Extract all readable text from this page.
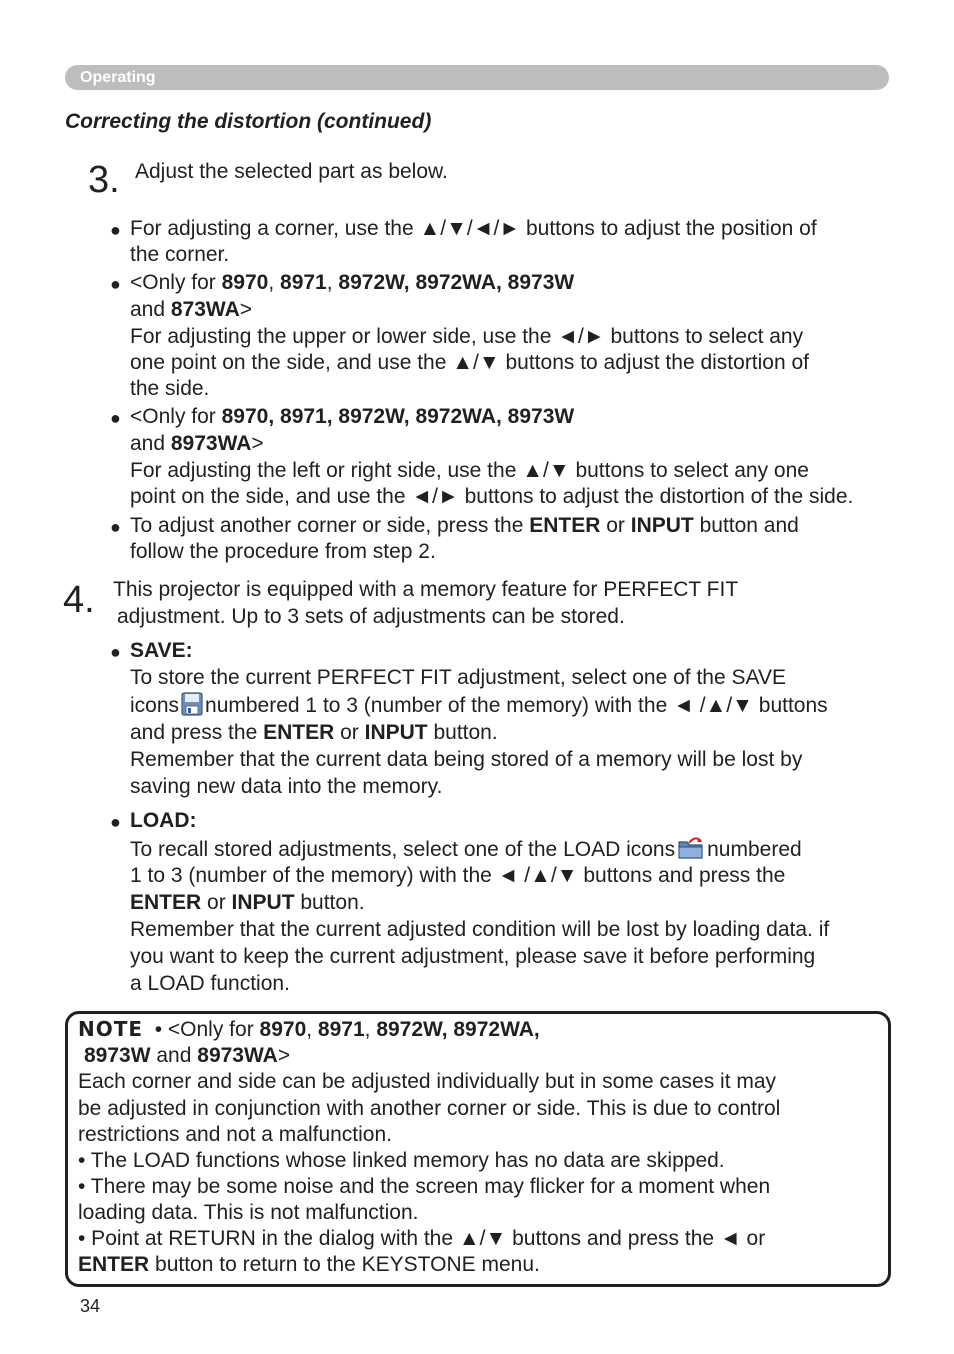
Operating
Correcting the distortion (continued)
3. Adjust the selected part as below.
● For adjusting a corner, use the ▲/▼/◄/► buttons to adjust the position of
the corner.
● <Only for 8970, 8971, 8972W, 8972WA, 8973W
and 873WA>
For adjusting the upper or lower side, use the ◄/► buttons to select any
one point on the side, and use the ▲/▼ buttons to adjust the distortion of
the side.
● <Only for 8970, 8971, 8972W, 8972WA, 8973W
and 8973WA>
For adjusting the left or right side, use the ▲/▼ buttons to select any one
point on the side, and use the ◄/► buttons to adjust the distortion of the side.
● To adjust another corner or side, press the ENTER or INPUT button and
follow the procedure from step 2.
4. This projector is equipped with a memory feature for PERFECT FIT
adjustment. Up to 3 sets of adjustments can be stored.
● SAVE:
To store the current PERFECT FIT adjustment, select one of the SAVE
icons numbered 1 to 3 (number of the memory) with the ◄ /▲/▼ buttons
and press the ENTER or INPUT button.
Remember that the current data being stored of a memory will be lost by
saving new data into the memory.
● LOAD:
To recall stored adjustments, select one of the LOAD icons numbered
1 to 3 (number of the memory) with the ◄ /▲/▼ buttons and press the
ENTER or INPUT button.
Remember that the current adjusted condition will be lost by loading data. if
you want to keep the current adjustment, please save it before performing
a LOAD function.
NOTE • <Only for 8970, 8971, 8972W, 8972WA,
8973W and 8973WA>
Each corner and side can be adjusted individually but in some cases it may
be adjusted in conjunction with another corner or side. This is due to control
restrictions and not a malfunction.
• The LOAD functions whose linked memory has no data are skipped.
• There may be some noise and the screen may flicker for a moment when
loading data. This is not malfunction.
• Point at RETURN in the dialog with the ▲/▼ buttons and press the ◄ or
ENTER button to return to the KEYSTONE menu.
34
